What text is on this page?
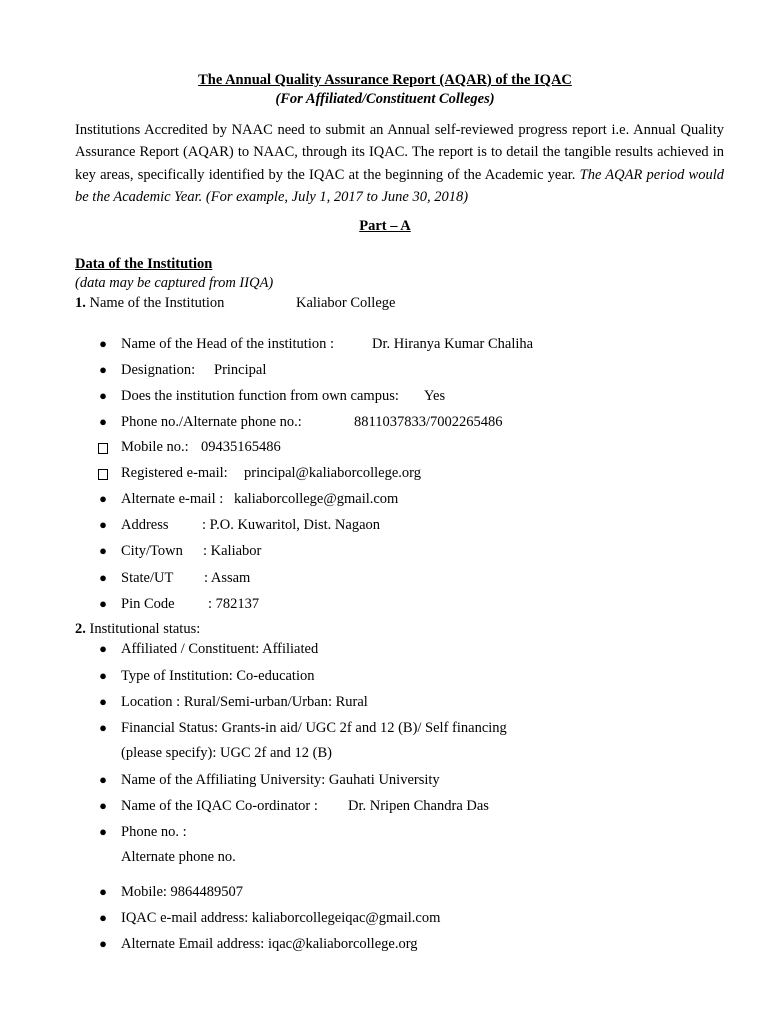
The Annual Quality Assurance Report (AQAR) of the IQAC
(For Affiliated/Constituent Colleges)
Institutions Accredited by NAAC need to submit an Annual self-reviewed progress report i.e. Annual Quality Assurance Report (AQAR) to NAAC, through its IQAC. The report is to detail the tangible results achieved in key areas, specifically identified by the IQAC at the beginning of the Academic year. The AQAR period would be the Academic Year. (For example, July 1, 2017 to June 30, 2018)
Part – A
Data of the Institution
(data may be captured from IIQA)
1. Name of the Institution	Kaliabor College
● Name of the Head of the institution :	Dr. Hiranya Kumar Chaliha
● Designation: Principal
● Does the institution function from own campus: Yes
● Phone no./Alternate phone no.:	8811037833/7002265486
Mobile no.: 09435165486
Registered e-mail: principal@kaliaborcollege.org
● Alternate e-mail : kaliaborcollege@gmail.com
● Address : P.O. Kuwaritol, Dist. Nagaon
● City/Town : Kaliabor
● State/UT : Assam
● Pin Code : 782137
2. Institutional status:
● Affiliated / Constituent: Affiliated
● Type of Institution: Co-education
● Location : Rural/Semi-urban/Urban: Rural
● Financial Status: Grants-in aid/ UGC 2f and 12 (B)/ Self financing
(please specify): UGC 2f and 12 (B)
● Name of the Affiliating University: Gauhati University
● Name of the IQAC Co-ordinator : Dr. Nripen Chandra Das
● Phone no. :
Alternate phone no.
● Mobile: 9864489507
● IQAC e-mail address: kaliaborcollegeiqac@gmail.com
● Alternate Email address: iqac@kaliaborcollege.org
